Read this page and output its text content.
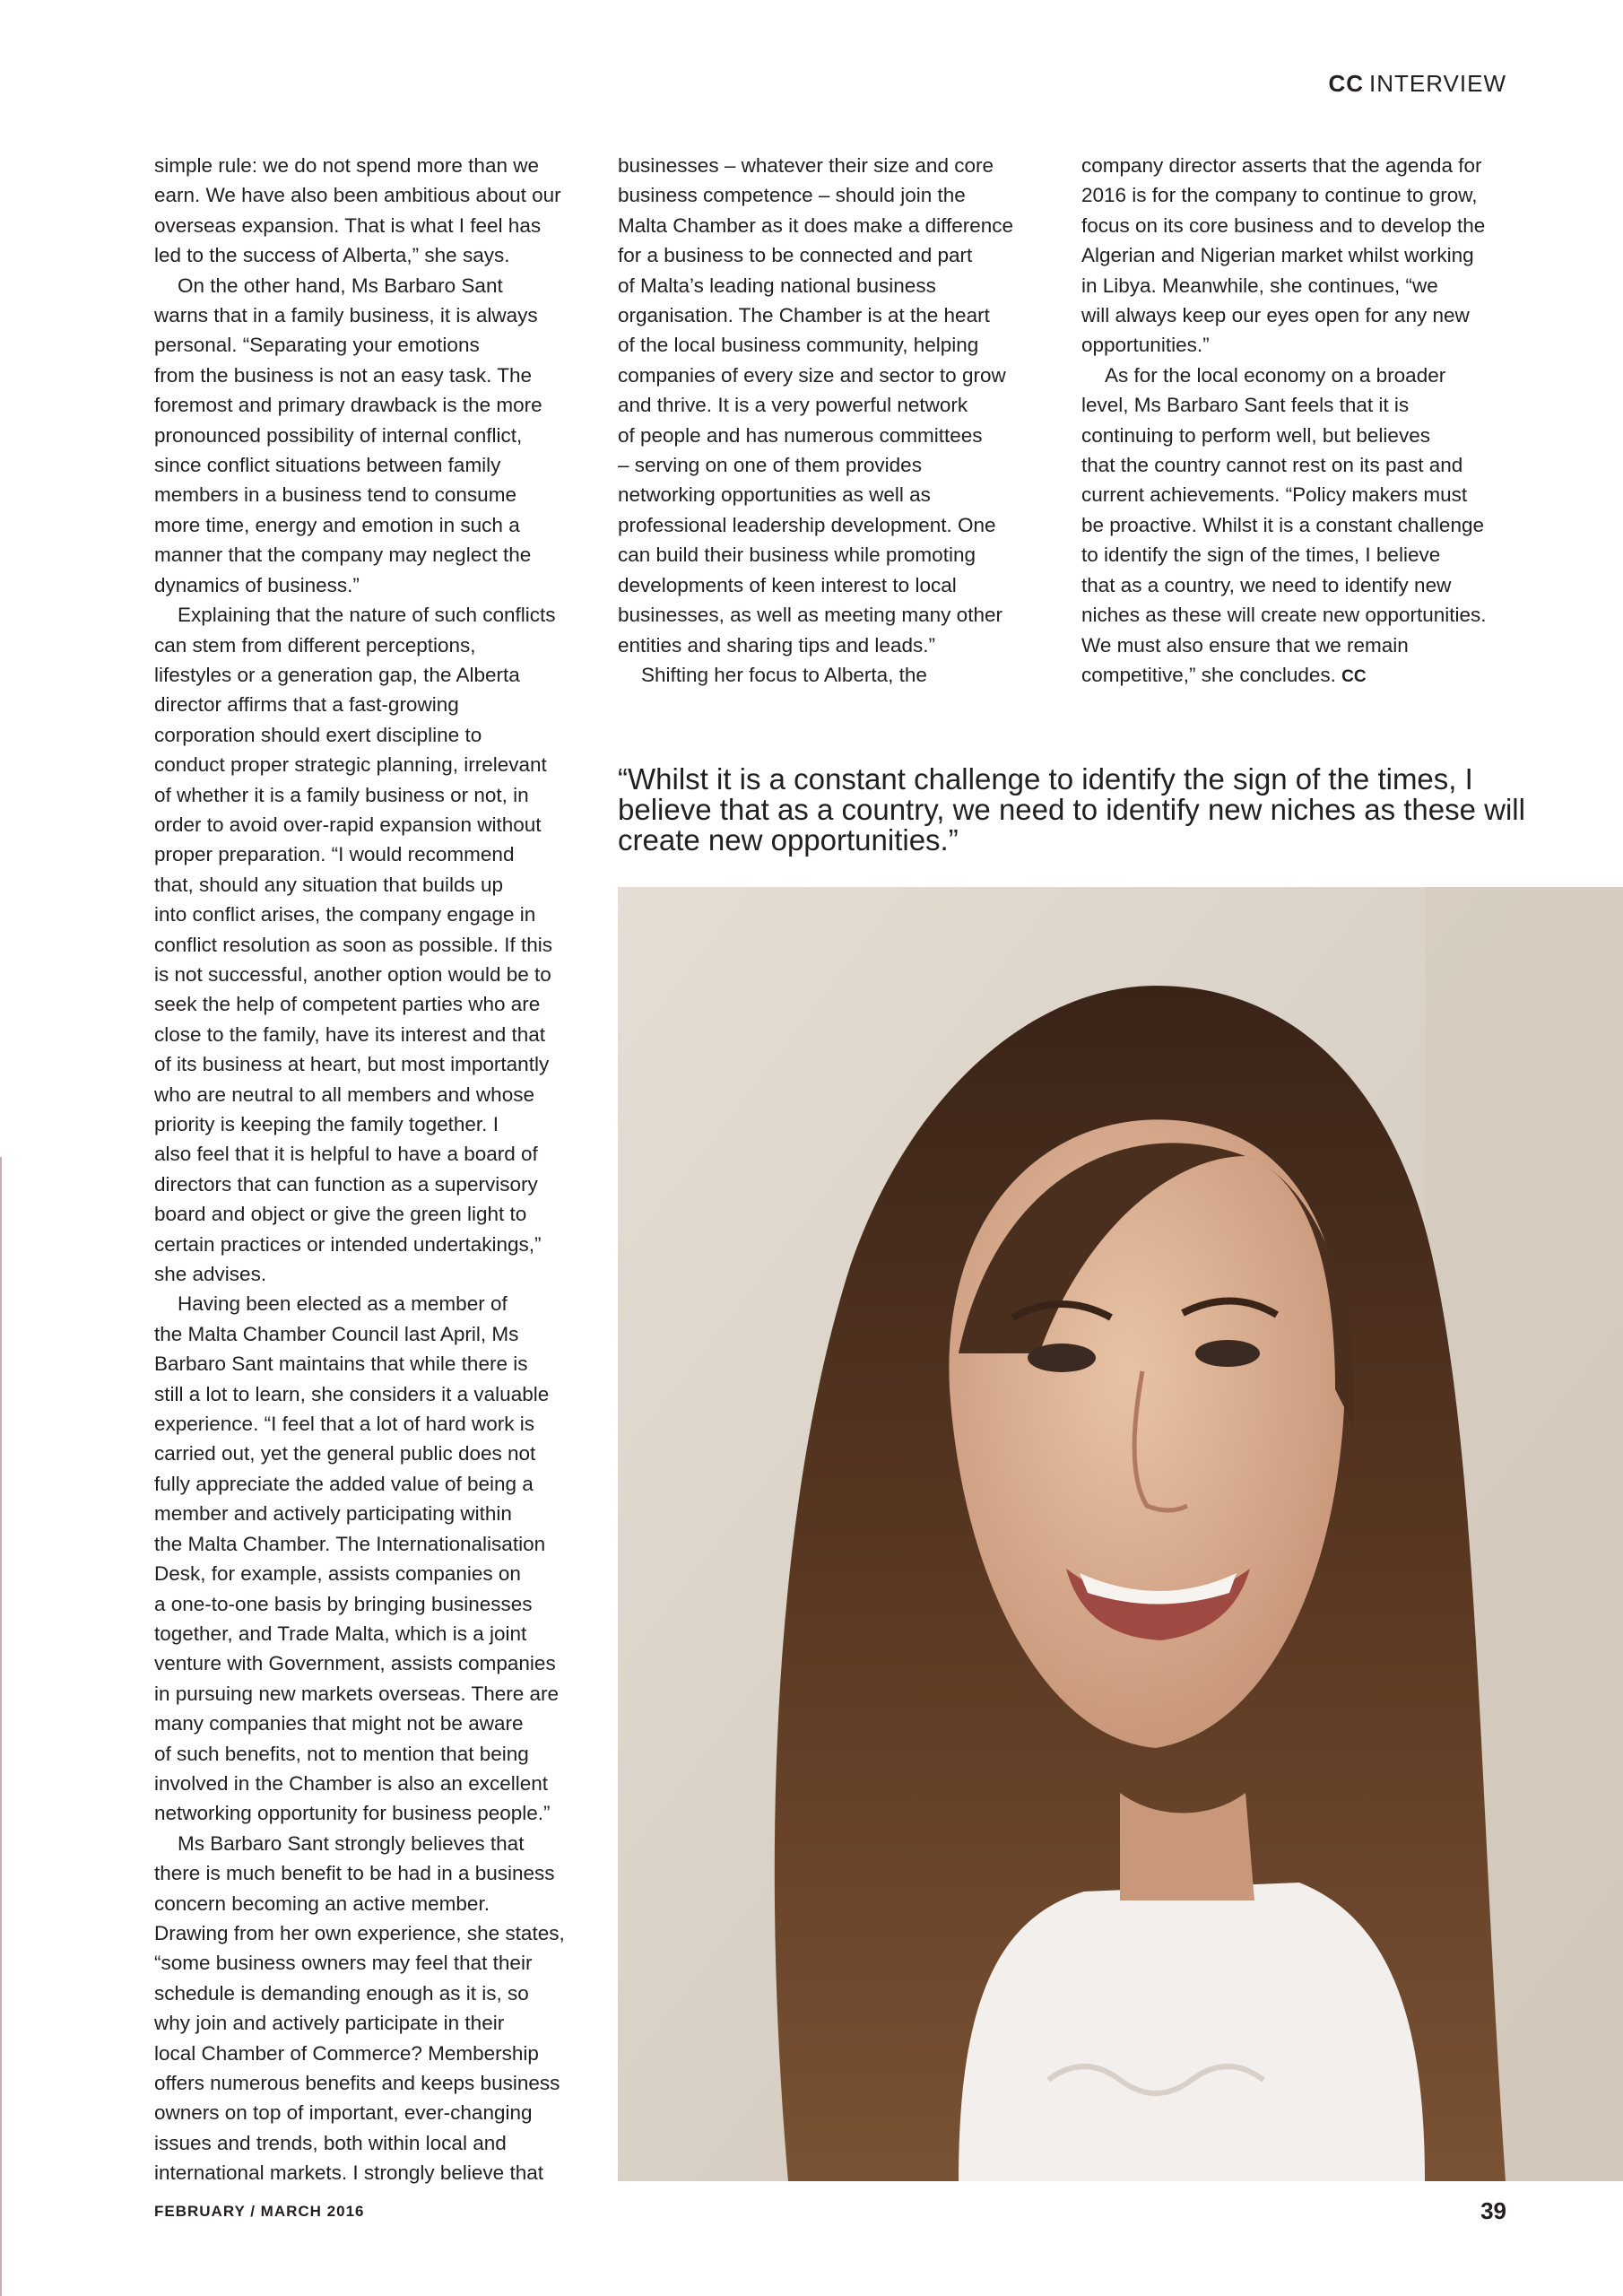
CC INTERVIEW
simple rule: we do not spend more than we
earn. We have also been ambitious about our
overseas expansion. That is what I feel has
led to the success of Alberta,” she says.
On the other hand, Ms Barbaro Sant
warns that in a family business, it is always
personal. “Separating your emotions
from the business is not an easy task. The
foremost and primary drawback is the more
pronounced possibility of internal conflict,
since conflict situations between family
members in a business tend to consume
more time, energy and emotion in such a
manner that the company may neglect the
dynamics of business.”
Explaining that the nature of such conflicts
can stem from different perceptions,
lifestyles or a generation gap, the Alberta
director affirms that a fast-growing
corporation should exert discipline to
conduct proper strategic planning, irrelevant
of whether it is a family business or not, in
order to avoid over-rapid expansion without
proper preparation. “I would recommend
that, should any situation that builds up
into conflict arises, the company engage in
conflict resolution as soon as possible. If this
is not successful, another option would be to
seek the help of competent parties who are
close to the family, have its interest and that
of its business at heart, but most importantly
who are neutral to all members and whose
priority is keeping the family together. I
also feel that it is helpful to have a board of
directors that can function as a supervisory
board and object or give the green light to
certain practices or intended undertakings,”
she advises.
Having been elected as a member of
the Malta Chamber Council last April, Ms
Barbaro Sant maintains that while there is
still a lot to learn, she considers it a valuable
experience. “I feel that a lot of hard work is
carried out, yet the general public does not
fully appreciate the added value of being a
member and actively participating within
the Malta Chamber. The Internationalisation
Desk, for example, assists companies on
a one-to-one basis by bringing businesses
together, and Trade Malta, which is a joint
venture with Government, assists companies
in pursuing new markets overseas. There are
many companies that might not be aware
of such benefits, not to mention that being
involved in the Chamber is also an excellent
networking opportunity for business people.”
Ms Barbaro Sant strongly believes that
there is much benefit to be had in a business
concern becoming an active member.
Drawing from her own experience, she states,
“some business owners may feel that their
schedule is demanding enough as it is, so
why join and actively participate in their
local Chamber of Commerce? Membership
offers numerous benefits and keeps business
owners on top of important, ever-changing
issues and trends, both within local and
international markets. I strongly believe that
businesses – whatever their size and core
business competence – should join the
Malta Chamber as it does make a difference
for a business to be connected and part
of Malta’s leading national business
organisation. The Chamber is at the heart
of the local business community, helping
companies of every size and sector to grow
and thrive. It is a very powerful network
of people and has numerous committees
– serving on one of them provides
networking opportunities as well as
professional leadership development. One
can build their business while promoting
developments of keen interest to local
businesses, as well as meeting many other
entities and sharing tips and leads.”
Shifting her focus to Alberta, the
company director asserts that the agenda for
2016 is for the company to continue to grow,
focus on its core business and to develop the
Algerian and Nigerian market whilst working
in Libya. Meanwhile, she continues, “we
will always keep our eyes open for any new
opportunities.”
As for the local economy on a broader
level, Ms Barbaro Sant feels that it is
continuing to perform well, but believes
that the country cannot rest on its past and
current achievements. “Policy makers must
be proactive. Whilst it is a constant challenge
to identify the sign of the times, I believe
that as a country, we need to identify new
niches as these will create new opportunities.
We must also ensure that we remain
competitive,” she concludes. CC
“Whilst it is a constant challenge to identify the sign of the times, I
believe that as a country, we need to identify new niches as these will
create new opportunities.”
FEBRUARY / MARCH 2016	39
